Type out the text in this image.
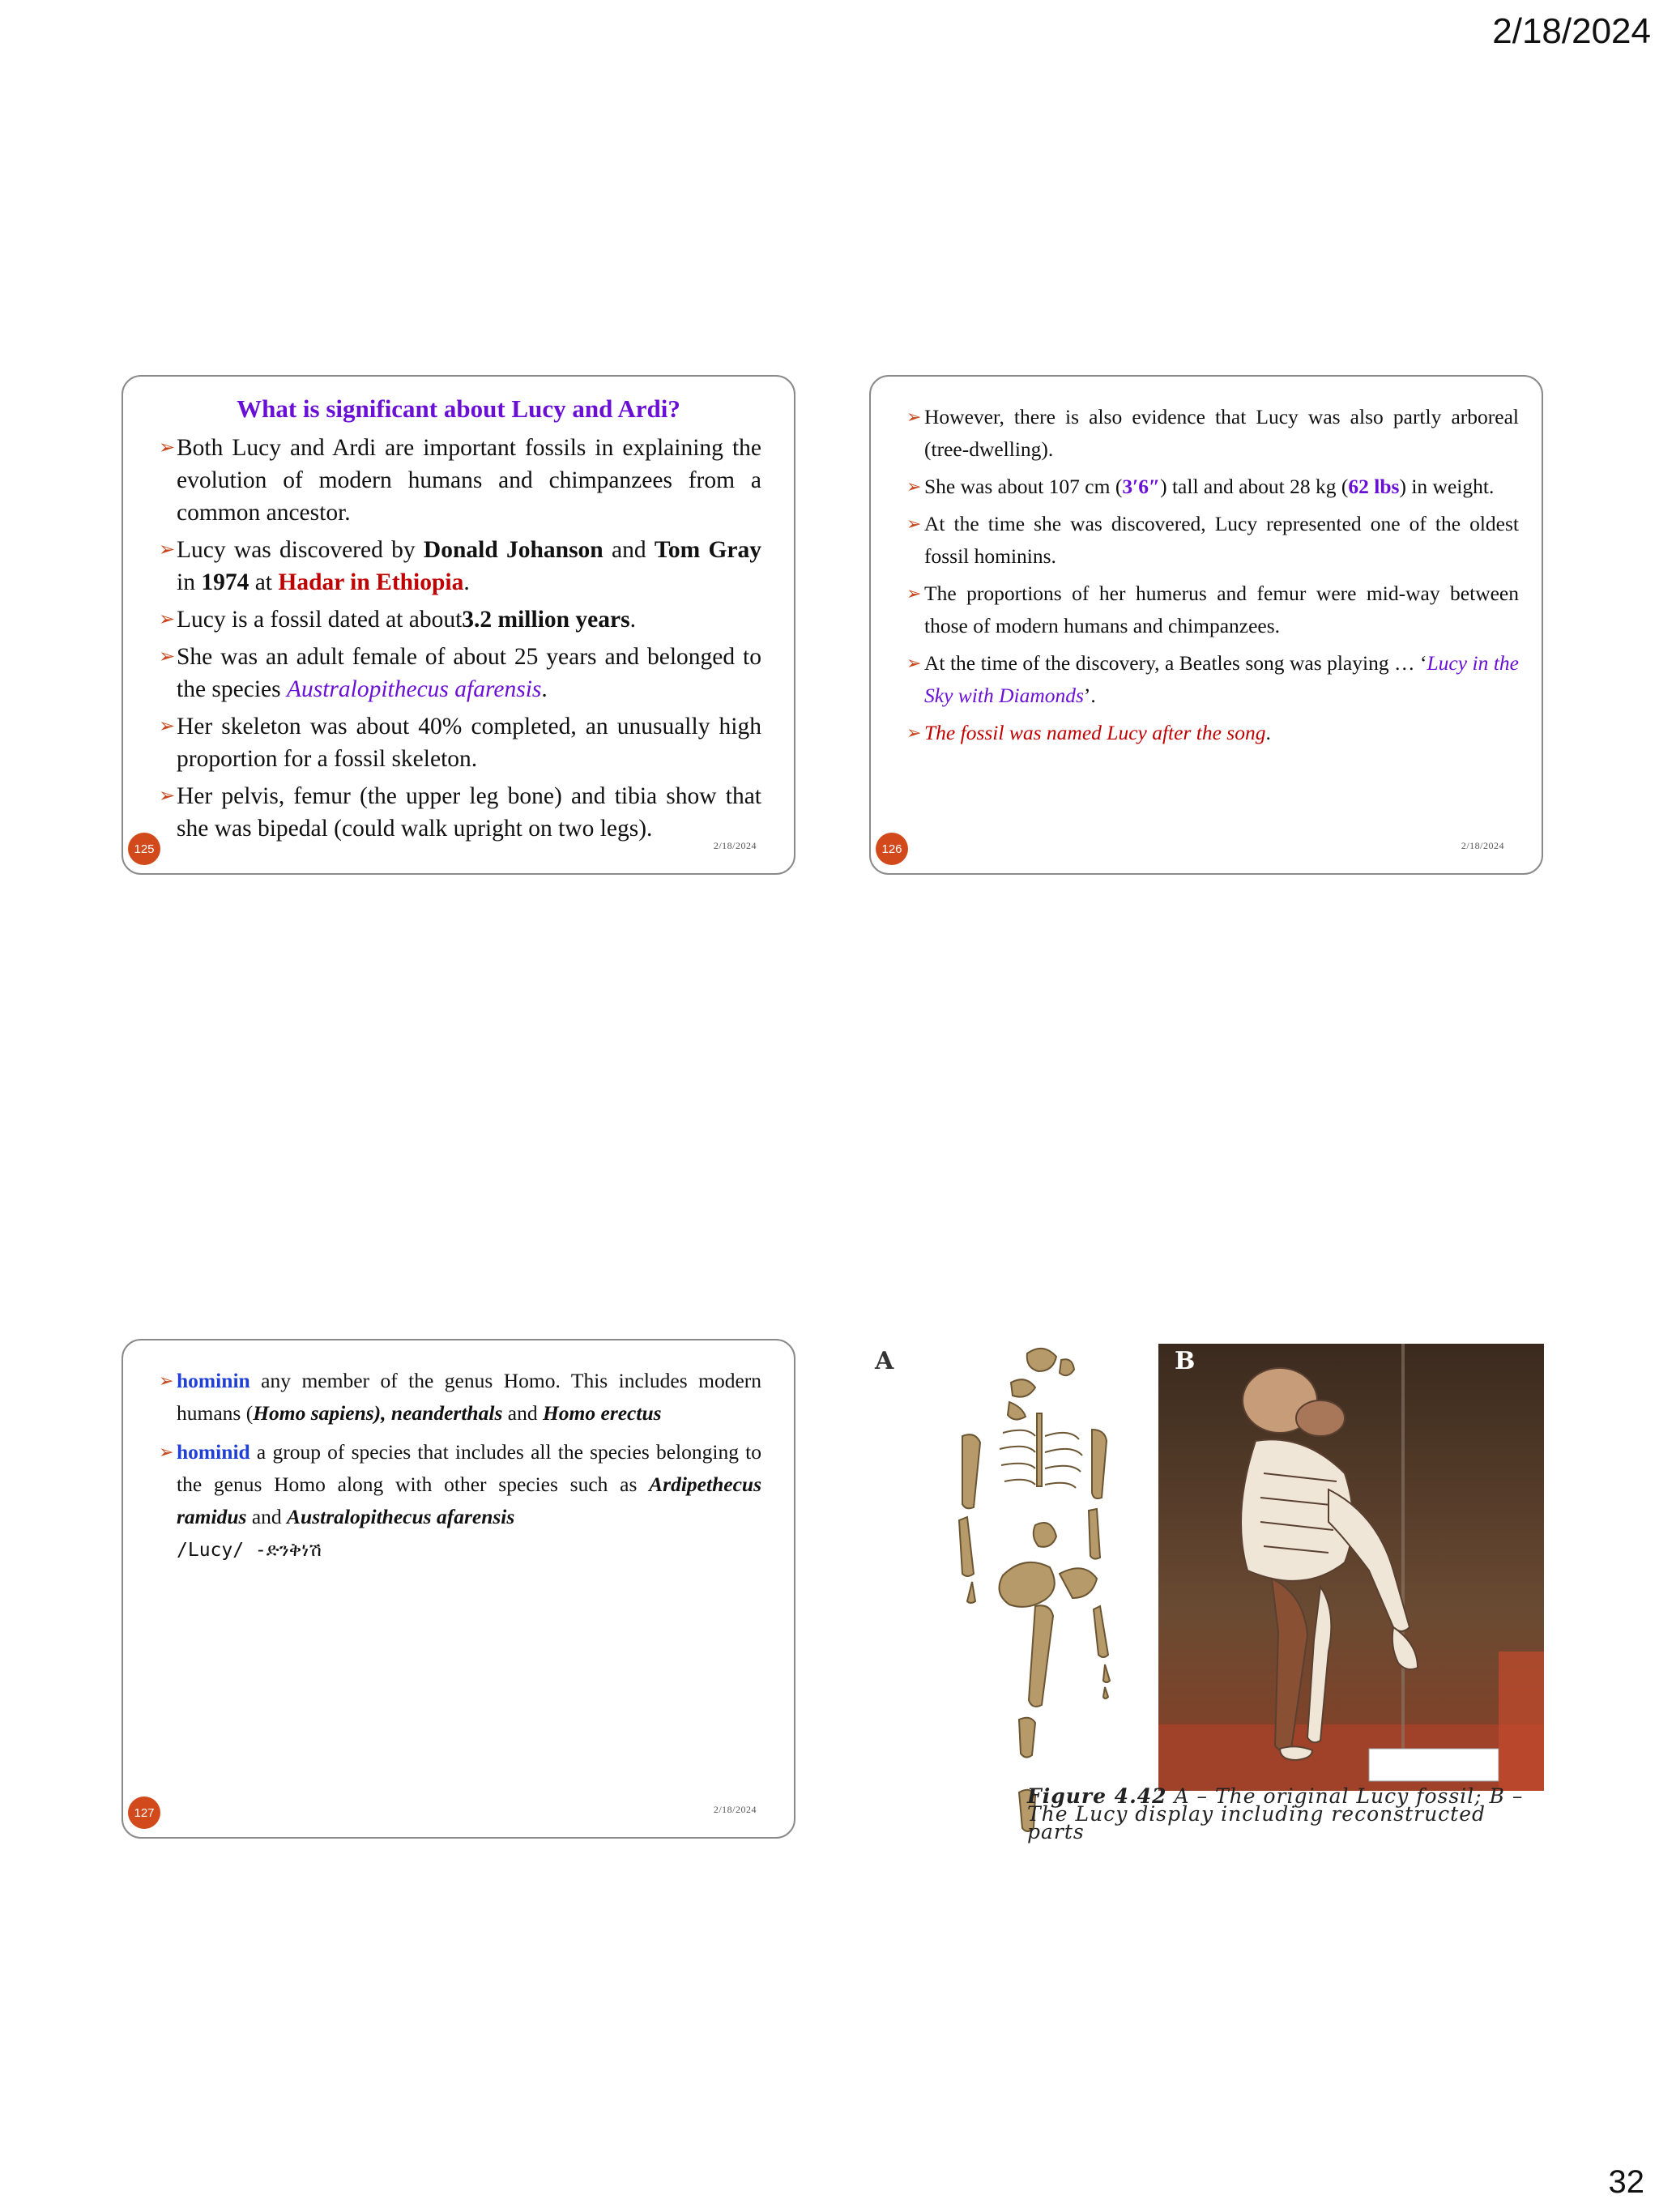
2/18/2024
What is significant about Lucy and Ardi?
➢ Both Lucy and Ardi are important fossils in explaining the evolution of modern humans and chimpanzees from a common ancestor.
➢ Lucy was discovered by Donald Johanson and Tom Gray in 1974 at Hadar in Ethiopia.
➢ Lucy is a fossil dated at about3.2 million years.
➢ She was an adult female of about 25 years and belonged to the species Australopithecus afarensis.
➢ Her skeleton was about 40% completed, an unusually high proportion for a fossil skeleton.
➢ Her pelvis, femur (the upper leg bone) and tibia show that she was bipedal (could walk upright on two legs).
125	2/18/2024
➢ However, there is also evidence that Lucy was also partly arboreal (tree-dwelling).
➢ She was about 107 cm (3′6″) tall and about 28 kg (62 lbs) in weight.
➢ At the time she was discovered, Lucy represented one of the oldest fossil hominins.
➢ The proportions of her humerus and femur were mid-way between those of modern humans and chimpanzees.
➢ At the time of the discovery, a Beatles song was playing … ‘Lucy in the Sky with Diamonds’.
➢ The fossil was named Lucy after the song.
126	2/18/2024
➢ hominin any member of the genus Homo. This includes modern humans (Homo sapiens), neanderthals and Homo erectus
➢ hominid a group of species that includes all the species belonging to the genus Homo along with other species such as Ardipethecus ramidus and Australopithecus afarensis
/Lucy/ -ድንቅነሽ
127	2/18/2024
A	B
Figure 4.42 A – The original Lucy fossil; B – The Lucy display including reconstructed parts
32
